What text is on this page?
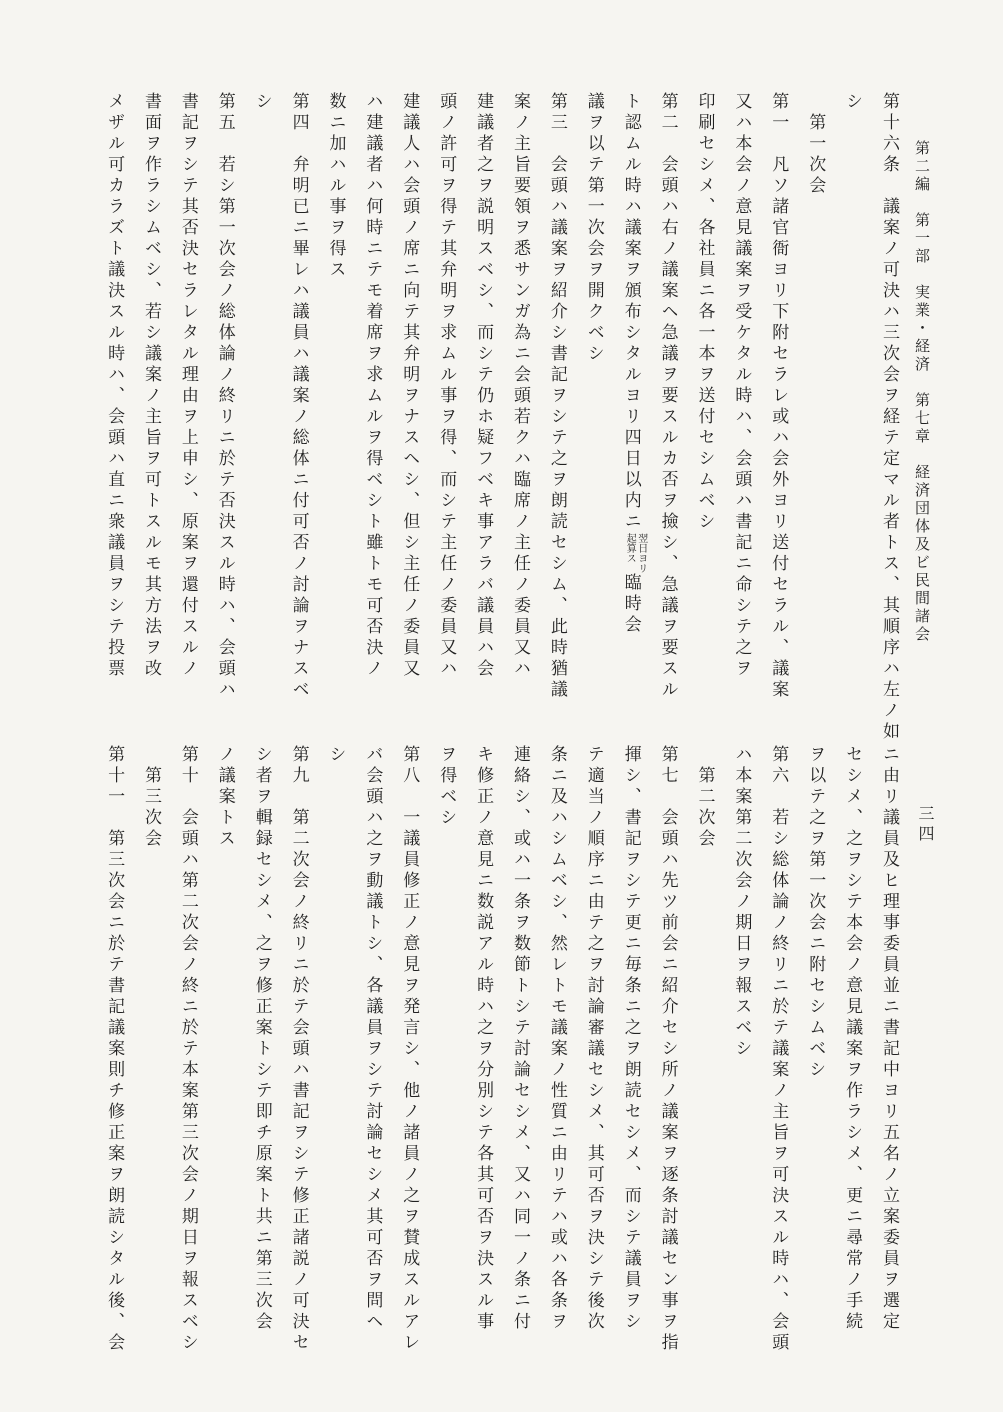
第二編　第一部　実業・経済　第七章　経済団体及ビ民間諸会
三四
第十六条　議案ノ可決ハ三次会ヲ経テ定マル者トス、其順序ハ左ノ如
シ
　第一次会
第一　凡ソ諸官衙ヨリ下附セラレ或ハ会外ヨリ送付セラル、議案
又ハ本会ノ意見議案ヲ受ケタル時ハ、会頭ハ書記ニ命シテ之ヲ
印刷セシメ、各社員ニ各一本ヲ送付セシムベシ
第二　会頭ハ右ノ議案ヘ急議ヲ要スルカ否ヲ撿シ、急議ヲ要スル
ト認ムル時ハ議案ヲ頒布シタルヨリ四日以内ニ翌日ヨリ
起算ス臨時会
議ヲ以テ第一次会ヲ開クベシ
第三　会頭ハ議案ヲ紹介シ書記ヲシテ之ヲ朗読セシム、此時猶議
案ノ主旨要領ヲ悉サンガ為ニ会頭若クハ臨席ノ主任ノ委員又ハ
建議者之ヲ説明スベシ、而シテ仍ホ疑フベキ事アラバ議員ハ会
頭ノ許可ヲ得テ其弁明ヲ求ムル事ヲ得、而シテ主任ノ委員又ハ
建議人ハ会頭ノ席ニ向テ其弁明ヲナスヘシ、但シ主任ノ委員又
ハ建議者ハ何時ニテモ着席ヲ求ムルヲ得ベシト雖トモ可否決ノ
数ニ加ハル事ヲ得ス
第四　弁明已ニ畢レハ議員ハ議案ノ総体ニ付可否ノ討論ヲナスベ
シ
第五　若シ第一次会ノ総体論ノ終リニ於テ否決スル時ハ、会頭ハ
書記ヲシテ其否決セラレタル理由ヲ上申シ、原案ヲ還付スルノ
書面ヲ作ラシムベシ、若シ議案ノ主旨ヲ可トスルモ其方法ヲ改
メザル可カラズト議決スル時ハ、会頭ハ直ニ衆議員ヲシテ投票
ニ由リ議員及ヒ理事委員並ニ書記中ヨリ五名ノ立案委員ヲ選定
セシメ、之ヲシテ本会ノ意見議案ヲ作ラシメ、更ニ尋常ノ手続
ヲ以テ之ヲ第一次会ニ附セシムベシ
第六　若シ総体論ノ終リニ於テ議案ノ主旨ヲ可決スル時ハ、会頭
ハ本案第二次会ノ期日ヲ報スベシ
　第二次会
第七　会頭ハ先ツ前会ニ紹介セシ所ノ議案ヲ逐条討議セン事ヲ指
揮シ、書記ヲシテ更ニ毎条ニ之ヲ朗読セシメ、而シテ議員ヲシ
テ適当ノ順序ニ由テ之ヲ討論審議セシメ、其可否ヲ決シテ後次
条ニ及ハシムベシ、然レトモ議案ノ性質ニ由リテハ或ハ各条ヲ
連絡シ、或ハ一条ヲ数節トシテ討論セシメ、又ハ同一ノ条ニ付
キ修正ノ意見ニ数説アル時ハ之ヲ分別シテ各其可否ヲ決スル事
ヲ得ベシ
第八　一議員修正ノ意見ヲ発言シ、他ノ諸員ノ之ヲ賛成スルアレ
バ会頭ハ之ヲ動議トシ、各議員ヲシテ討論セシメ其可否ヲ問ヘ
シ
第九　第二次会ノ終リニ於テ会頭ハ書記ヲシテ修正諸説ノ可決セ
シ者ヲ輯録セシメ、之ヲ修正案トシテ即チ原案ト共ニ第三次会
ノ議案トス
第十　会頭ハ第二次会ノ終ニ於テ本案第三次会ノ期日ヲ報スベシ
　第三次会
第十一　第三次会ニ於テ書記議案則チ修正案ヲ朗読シタル後、会
